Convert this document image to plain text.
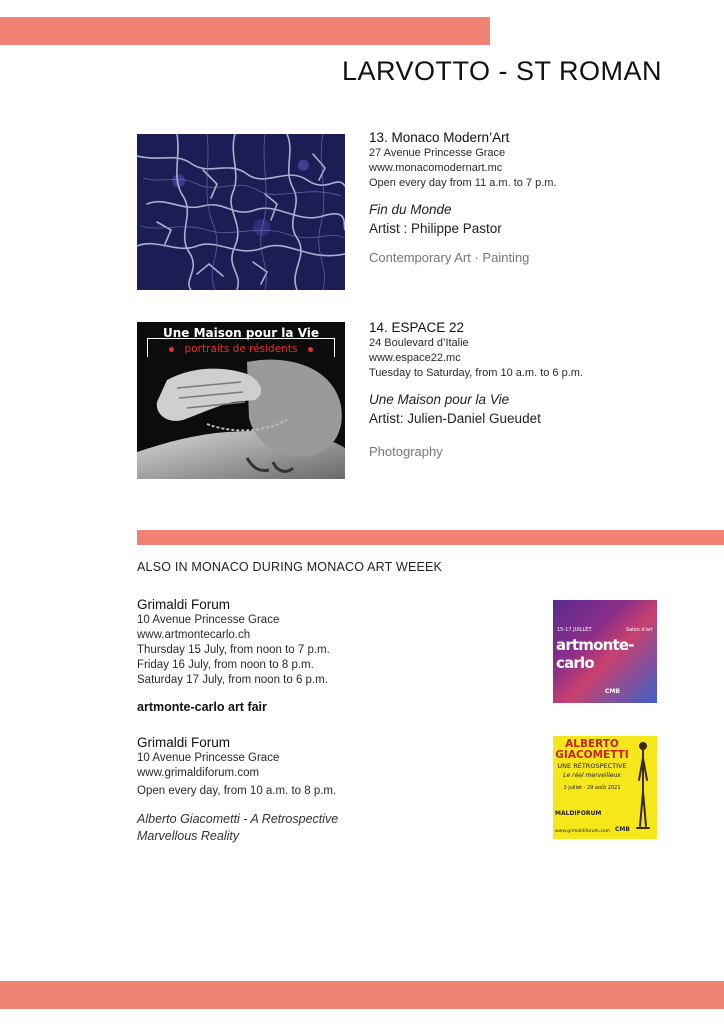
LARVOTTO - ST ROMAN
13. Monaco Modern’Art
27 Avenue Princesse Grace
www.monacomodernart.mc
Open every day from 11 a.m. to 7 p.m.
Fin du Monde
Artist : Philippe Pastor
Contemporary Art · Painting
Une Maison pour la Vie
portraits de résidents
14. ESPACE 22
24 Boulevard d’Italie
www.espace22.mc
Tuesday to Saturday, from 10 a.m. to 6 p.m.
Une Maison pour la Vie
Artist: Julien-Daniel Gueudet
Photography
ALSO IN MONACO DURING MONACO ART WEEEK
Grimaldi Forum
10 Avenue Princesse Grace
www.artmontecarlo.ch
Thursday 15 July, from noon to 7 p.m.
Friday 16 July, from noon to 8 p.m.
Saturday 17 July, from noon to 6 p.m.
artmonte-carlo art fair
15-17 JUILLET	Salon d'art
artmonte-carlo
CMB
Grimaldi Forum
10 Avenue Princesse Grace
www.grimaldiforum.com
Open every day, from 10 a.m. to 8 p.m.
Alberto Giacometti - A Retrospective
Marvellous Reality
ALBERTO
GIACOMETTI
UNE RÉTROSPECTIVE
Le réel merveilleux
3 juillet - 29 août 2021
MALDIFORUM
www.grimaldiforum.com CMB
